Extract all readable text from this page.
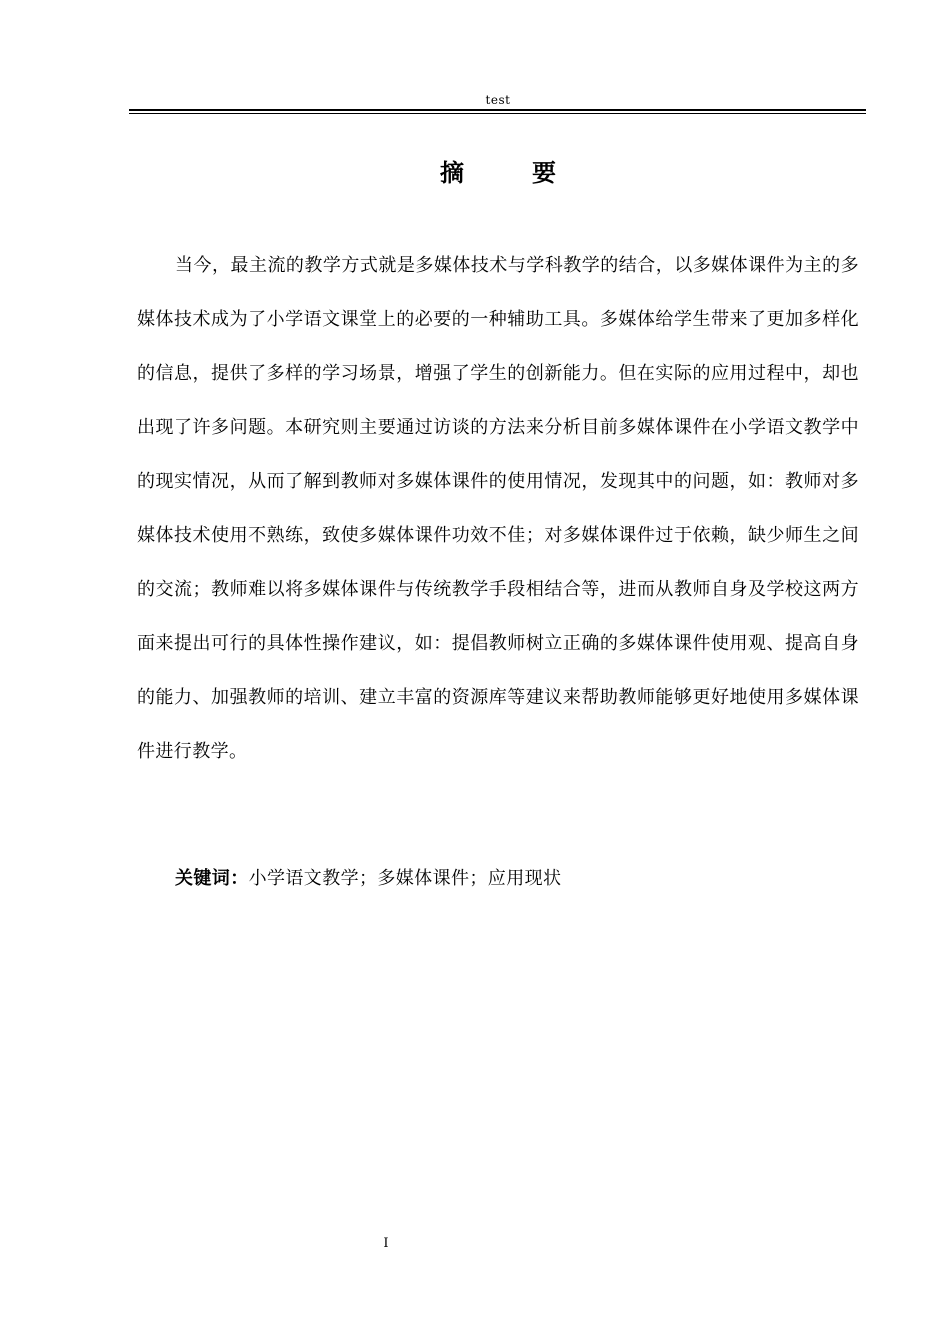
test
摘　要

当今，最主流的教学方式就是多媒体技术与学科教学的结合，以多媒体课件为主的多媒体技术成为了小学语文课堂上的必要的一种辅助工具。多媒体给学生带来了更加多样化的信息，提供了多样的学习场景，增强了学生的创新能力。但在实际的应用过程中，却也出现了许多问题。本研究则主要通过访谈的方法来分析目前多媒体课件在小学语文教学中的现实情况，从而了解到教师对多媒体课件的使用情况，发现其中的问题，如：教师对多媒体技术使用不熟练，致使多媒体课件功效不佳；对多媒体课件过于依赖，缺少师生之间的交流；教师难以将多媒体课件与传统教学手段相结合等，进而从教师自身及学校这两方面来提出可行的具体性操作建议，如：提倡教师树立正确的多媒体课件使用观、提高自身的能力、加强教师的培训、建立丰富的资源库等建议来帮助教师能够更好地使用多媒体课件进行教学。

关键词：小学语文教学；多媒体课件；应用现状
I
